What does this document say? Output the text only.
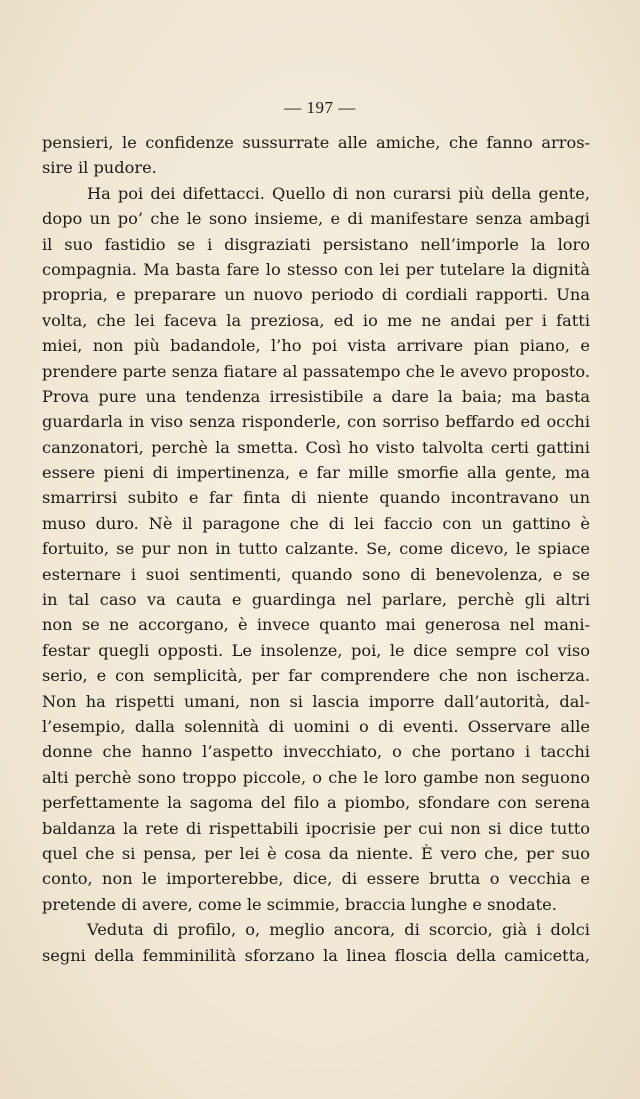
— 197 —
pensieri, le confidenze sussurrate alle amiche, che fanno arros-
sire il pudore.
Ha poi dei difettacci. Quello di non curarsi più della gente,
dopo un po’ che le sono insieme, e di manifestare senza ambagi
il suo fastidio se i disgraziati persistano nell’imporle la loro
compagnia. Ma basta fare lo stesso con lei per tutelare la dignità
propria, e preparare un nuovo periodo di cordiali rapporti. Una
volta, che lei faceva la preziosa, ed io me ne andai per i fatti
miei, non più badandole, l’ho poi vista arrivare pian piano, e
prendere parte senza fiatare al passatempo che le avevo proposto.
Prova pure una tendenza irresistibile a dare la baia; ma basta
guardarla in viso senza risponderle, con sorriso beffardo ed occhi
canzonatori, perchè la smetta. Così ho visto talvolta certi gattini
essere pieni di impertinenza, e far mille smorfie alla gente, ma
smarrirsi subito e far finta di niente quando incontravano un
muso duro. Nè il paragone che di lei faccio con un gattino è
fortuito, se pur non in tutto calzante. Se, come dicevo, le spiace
esternare i suoi sentimenti, quando sono di benevolenza, e se
in tal caso va cauta e guardinga nel parlare, perchè gli altri
non se ne accorgano, è invece quanto mai generosa nel mani-
festar quegli opposti. Le insolenze, poi, le dice sempre col viso
serio, e con semplicità, per far comprendere che non ischerza.
Non ha rispetti umani, non si lascia imporre dall’autorità, dal-
l’esempio, dalla solennità di uomini o di eventi. Osservare alle
donne che hanno l’aspetto invecchiato, o che portano i tacchi
alti perchè sono troppo piccole, o che le loro gambe non seguono
perfettamente la sagoma del filo a piombo, sfondare con serena
baldanza la rete di rispettabili ipocrisie per cui non si dice tutto
quel che si pensa, per lei è cosa da niente. È vero che, per suo
conto, non le importerebbe, dice, di essere brutta o vecchia e
pretende di avere, come le scimmie, braccia lunghe e snodate.
Veduta di profilo, o, meglio ancora, di scorcio, già i dolci
segni della femminilità sforzano la linea floscia della camicetta,
